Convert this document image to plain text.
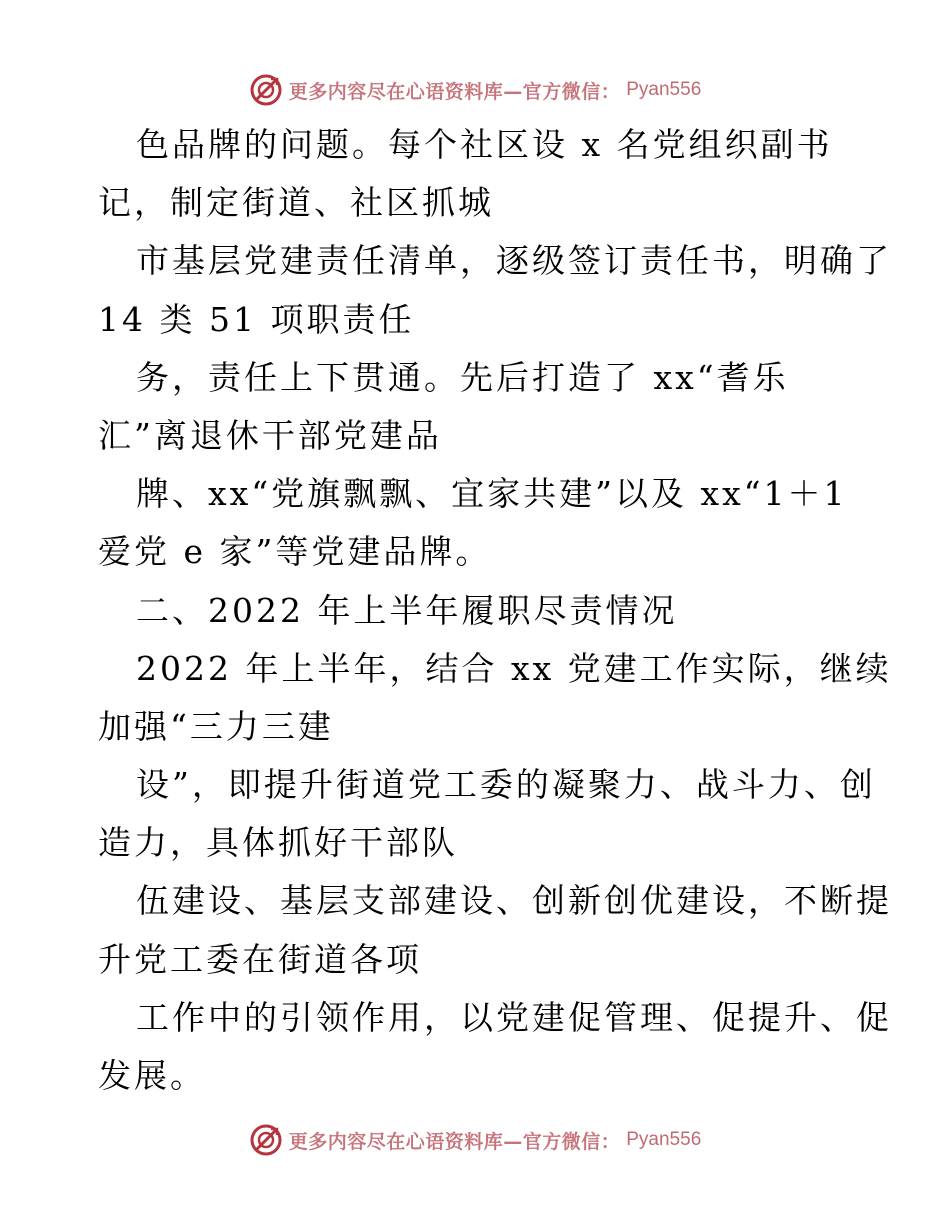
更多内容尽在心语资料库—官方微信： Pyan556
色品牌的问题。每个社区设 x 名党组织副书
记，制定街道、社区抓城
市基层党建责任清单，逐级签订责任书，明确了
14 类 51 项职责任
务，责任上下贯通。先后打造了 xx“耆乐
汇”离退休干部党建品
牌、xx“党旗飘飘、宜家共建”以及 xx“1＋1
爱党 e 家”等党建品牌。
二、2022 年上半年履职尽责情况
2022 年上半年，结合 xx 党建工作实际，继续
加强“三力三建
设”，即提升街道党工委的凝聚力、战斗力、创
造力，具体抓好干部队
伍建设、基层支部建设、创新创优建设，不断提
升党工委在街道各项
工作中的引领作用，以党建促管理、促提升、促
发展。
更多内容尽在心语资料库—官方微信： Pyan556
